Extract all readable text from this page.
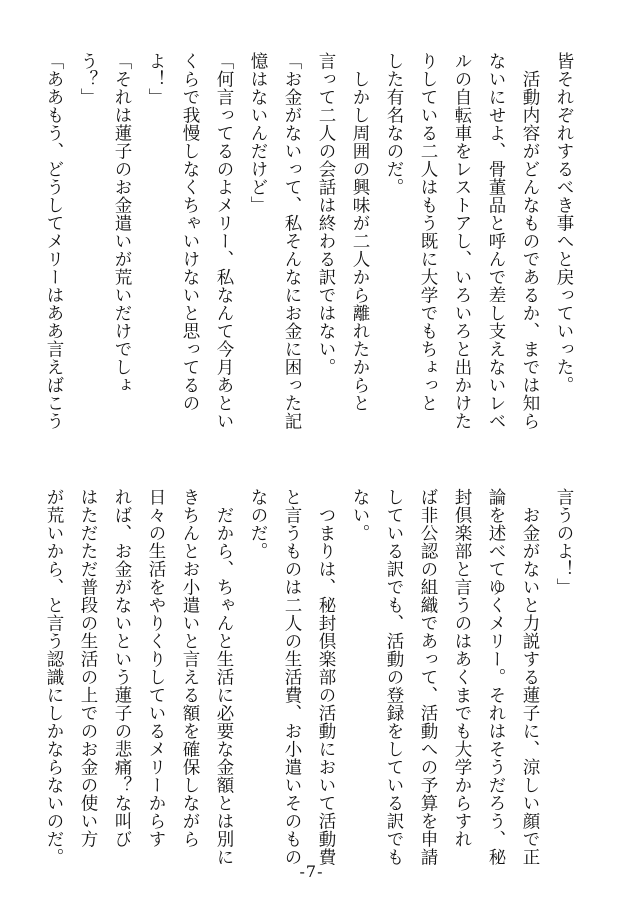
皆それぞれするべき事へと戻っていった。

　活動内容がどんなものであるか、までは知ら

ないにせよ、骨董品と呼んで差し支えないレベ

ルの自転車をレストアし、いろいろと出かけた

りしている二人はもう既に大学でもちょっと

した有名なのだ。

　しかし周囲の興味が二人から離れたからと

言って二人の会話は終わる訳ではない。

「お金がないって、私そんなにお金に困った記

憶はないんだけど」

「何言ってるのよメリー、私なんて今月あとい

くらで我慢しなくちゃいけないと思ってるの

よ！」

「それは蓮子のお金遣いが荒いだけでしょ

う？」

「ああもう、どうしてメリーはああ言えばこう

言うのよ！」

　お金がないと力説する蓮子に、涼しい顔で正

論を述べてゆくメリー。それはそうだろう、秘

封倶楽部と言うのはあくまでも大学からすれ

ば非公認の組織であって、活動への予算を申請

している訳でも、活動の登録をしている訳でも

ない。

　つまりは、秘封倶楽部の活動において活動費

と言うものは二人の生活費、お小遣いそのもの

なのだ。

　だから、ちゃんと生活に必要な金額とは別に

きちんとお小遣いと言える額を確保しながら

日々の生活をやりくりしているメリーからす

れば、お金がないという蓮子の悲痛？な叫び

はただただ普段の生活の上でのお金の使い方

が荒いから、と言う認識にしかならないのだ。

-7-
